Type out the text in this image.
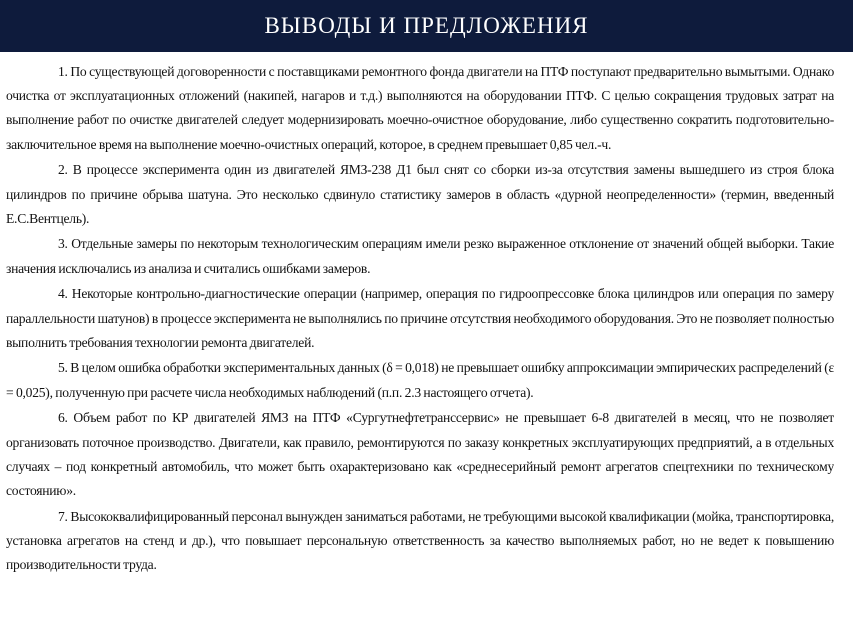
ВЫВОДЫ И ПРЕДЛОЖЕНИЯ

1. По существующей договоренности с поставщиками ремонтного фонда двигатели на ПТФ поступают предварительно вымытыми. Однако очистка от эксплуатационных отложений (накипей, нагаров и т.д.) выполняются на оборудовании ПТФ. С целью сокращения трудовых затрат на выполнение работ по очистке двигателей следует модернизировать моечно-очистное оборудование, либо существенно сократить подготовительно-заключительное время на выполнение моечно-очистных операций, которое, в среднем превышает 0,85 чел.-ч.

2. В процессе эксперимента один из двигателей ЯМЗ-238 Д1 был снят со сборки из-за отсутствия замены вышедшего из строя блока цилиндров по причине обрыва шатуна. Это несколько сдвинуло статистику замеров в область «дурной неопределенности» (термин, введенный Е.С.Вентцель).

3. Отдельные замеры по некоторым технологическим операциям имели резко выраженное отклонение от значений общей выборки. Такие значения исключались из анализа и считались ошибками замеров.

4. Некоторые контрольно-диагностические операции (например, операция по гидроопрессовке блока цилиндров или операция по замеру параллельности шатунов) в процессе эксперимента не выполнялись по причине отсутствия необходимого оборудования. Это не позволяет полностью выполнить требования технологии ремонта двигателей.

5. В целом ошибка обработки экспериментальных данных (δ = 0,018) не превышает ошибку аппроксимации эмпирических распределений (ε = 0,025), полученную при расчете числа необходимых наблюдений (п.п. 2.3 настоящего отчета).

6. Объем работ по КР двигателей ЯМЗ на ПТФ «Сургутнефтетранссервис» не превышает 6-8 двигателей в месяц, что не позволяет организовать поточное производство. Двигатели, как правило, ремонтируются по заказу конкретных эксплуатирующих предприятий, а в отдельных случаях – под конкретный автомобиль, что может быть охарактеризовано как «среднесерийный ремонт агрегатов спецтехники по техническому состоянию».

7. Высококвалифицированный персонал вынужден заниматься работами, не требующими высокой квалификации (мойка, транспортировка, установка агрегатов на стенд и др.), что повышает персональную ответственность за качество выполняемых работ, но не ведет к повышению производительности труда.
